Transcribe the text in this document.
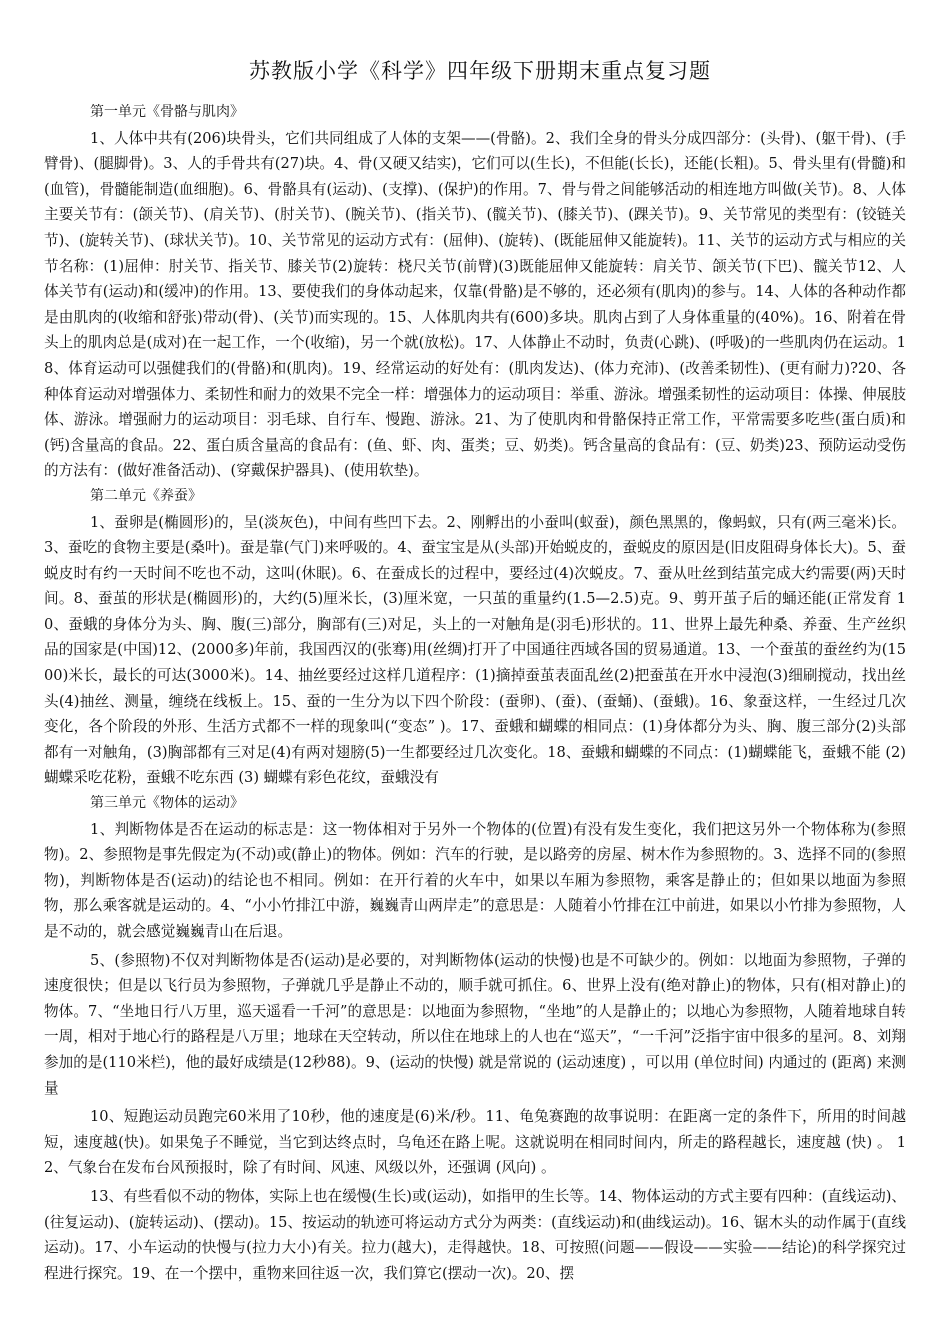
苏教版小学《科学》四年级下册期末重点复习题

第一单元《骨骼与肌肉》

1、人体中共有(206)块骨头，它们共同组成了人体的支架——(骨骼)。2、我们全身的骨头分成四部分：(头骨)、(躯干骨)、(手臂骨)、(腿脚骨)。3、人的手骨共有(27)块。4、骨(又硬又结实)，它们可以(生长)，不但能(长长)，还能(长粗)。5、骨头里有(骨髓)和(血管)，骨髓能制造(血细胞)。6、骨骼具有(运动)、(支撑)、(保护)的作用。7、骨与骨之间能够活动的相连地方叫做(关节)。8、人体主要关节有：(颌关节)、(肩关节)、(肘关节)、(腕关节)、(指关节)、(髋关节)、(膝关节)、(踝关节)。9、关节常见的类型有：(铰链关节)、(旋转关节)、(球状关节)。10、关节常见的运动方式有：(屈伸)、(旋转)、(既能屈伸又能旋转)。11、关节的运动方式与相应的关节名称：(1)屈伸：肘关节、指关节、膝关节(2)旋转：桡尺关节(前臂)(3)既能屈伸又能旋转：肩关节、颌关节(下巴)、髋关节12、人体关节有(运动)和(缓冲)的作用。13、要使我们的身体动起来，仅靠(骨骼)是不够的，还必须有(肌肉)的参与。14、人体的各种动作都是由肌肉的(收缩和舒张)带动(骨)、(关节)而实现的。15、人体肌肉共有(600)多块。肌肉占到了人身体重量的(40%)。16、附着在骨头上的肌肉总是(成对)在一起工作，一个(收缩)，另一个就(放松)。17、人体静止不动时，负责(心跳)、(呼吸)的一些肌肉仍在运动。18、体育运动可以强健我们的(骨骼)和(肌肉)。19、经常运动的好处有：(肌肉发达)、(体力充沛)、(改善柔韧性)、(更有耐力)?20、各种体育运动对增强体力、柔韧性和耐力的效果不完全一样：增强体力的运动项目：举重、游泳。增强柔韧性的运动项目：体操、伸展肢体、游泳。增强耐力的运动项目：羽毛球、自行车、慢跑、游泳。21、为了使肌肉和骨骼保持正常工作，平常需要多吃些(蛋白质)和(钙)含量高的食品。22、蛋白质含量高的食品有：(鱼、虾、肉、蛋类；豆、奶类)。钙含量高的食品有：(豆、奶类)23、预防运动受伤的方法有：(做好准备活动)、(穿戴保护器具)、(使用软垫)。

第二单元《养蚕》

1、蚕卵是(椭圆形)的，呈(淡灰色)，中间有些凹下去。2、刚孵出的小蚕叫(蚁蚕)，颜色黑黑的，像蚂蚁，只有(两三毫米)长。3、蚕吃的食物主要是(桑叶)。蚕是靠(气门)来呼吸的。4、蚕宝宝是从(头部)开始蜕皮的，蚕蜕皮的原因是(旧皮阻碍身体长大)。5、蚕蜕皮时有约一天时间不吃也不动，这叫(休眠)。6、在蚕成长的过程中，要经过(4)次蜕皮。7、蚕从吐丝到结茧完成大约需要(两)天时间。8、蚕茧的形状是(椭圆形)的，大约(5)厘米长，(3)厘米宽，一只茧的重量约(1.5—2.5)克。9、剪开茧子后的蛹还能(正常发育 10、蚕蛾的身体分为头、胸、腹(三)部分，胸部有(三)对足，头上的一对触角是(羽毛)形状的。11、世界上最先种桑、养蚕、生产丝织品的国家是(中国)12、(2000多)年前，我国西汉的(张骞)用(丝绸)打开了中国通往西域各国的贸易通道。13、一个蚕茧的蚕丝约为(1500)米长，最长的可达(3000米)。14、抽丝要经过这样几道程序：(1)摘掉蚕茧表面乱丝(2)把蚕茧在开水中浸泡(3)细刷搅动，找出丝头(4)抽丝、测量，缠绕在线板上。15、蚕的一生分为以下四个阶段：(蚕卵)、(蚕)、(蚕蛹)、(蚕蛾)。16、象蚕这样，一生经过几次变化，各个阶段的外形、生活方式都不一样的现象叫(“变态” )。17、蚕蛾和蝴蝶的相同点：(1)身体都分为头、胸、腹三部分(2)头部都有一对触角，(3)胸部都有三对足(4)有两对翅膀(5)一生都要经过几次变化。18、蚕蛾和蝴蝶的不同点：(1)蝴蝶能飞，蚕蛾不能 (2) 蝴蝶采吃花粉，蚕蛾不吃东西 (3) 蝴蝶有彩色花纹，蚕蛾没有

第三单元《物体的运动》

1、判断物体是否在运动的标志是：这一物体相对于另外一个物体的(位置)有没有发生变化，我们把这另外一个物体称为(参照物)。2、参照物是事先假定为(不动)或(静止)的物体。例如：汽车的行驶，是以路旁的房屋、树木作为参照物的。3、选择不同的(参照物)，判断物体是否(运动)的结论也不相同。例如：在开行着的火车中，如果以车厢为参照物，乘客是静止的；但如果以地面为参照物，那么乘客就是运动的。4、“小小竹排江中游，巍巍青山两岸走”的意思是：人随着小竹排在江中前进，如果以小竹排为参照物，人是不动的，就会感觉巍巍青山在后退。

5、(参照物)不仅对判断物体是否(运动)是必要的，对判断物体(运动的快慢)也是不可缺少的。例如：以地面为参照物，子弹的速度很快；但是以飞行员为参照物，子弹就几乎是静止不动的，顺手就可抓住。6、世界上没有(绝对静止)的物体，只有(相对静止)的物体。7、“坐地日行八万里，巡天遥看一千河”的意思是：以地面为参照物，“坐地”的人是静止的；以地心为参照物，人随着地球自转一周，相对于地心行的路程是八万里；地球在天空转动，所以住在地球上的人也在“巡天”，“一千河”泛指宇宙中很多的星河。8、刘翔参加的是(110米栏)，他的最好成绩是(12秒88)。9、(运动的快慢) 就是常说的 (运动速度) ，可以用 (单位时间) 内通过的 (距离) 来测量

10、短跑运动员跑完60米用了10秒，他的速度是(6)米/秒。11、龟兔赛跑的故事说明：在距离一定的条件下，所用的时间越短，速度越(快)。如果兔子不睡觉，当它到达终点时，乌龟还在路上呢。这就说明在相同时间内，所走的路程越长，速度越 (快) 。 12、气象台在发布台风预报时，除了有时间、风速、风级以外，还强调 (风向) 。

13、有些看似不动的物体，实际上也在缓慢(生长)或(运动)，如指甲的生长等。14、物体运动的方式主要有四种：(直线运动)、(往复运动)、(旋转运动)、(摆动)。15、按运动的轨迹可将运动方式分为两类：(直线运动)和(曲线运动)。16、锯木头的动作属于(直线运动)。17、小车运动的快慢与(拉力大小)有关。拉力(越大)，走得越快。18、可按照(问题——假设——实验——结论)的科学探究过程进行探究。19、在一个摆中，重物来回往返一次，我们算它(摆动一次)。20、摆
